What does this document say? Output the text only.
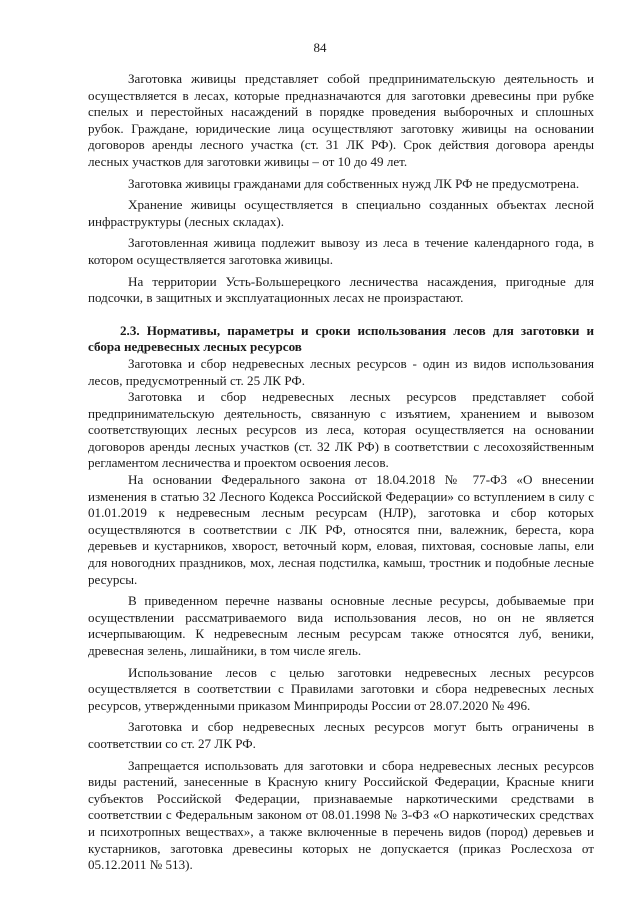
84

Заготовка живицы представляет собой предпринимательскую деятельность и осуществляется в лесах, которые предназначаются для заготовки древесины при рубке спелых и перестойных насаждений в порядке проведения выборочных и сплошных рубок. Граждане, юридические лица осуществляют заготовку живицы на основании договоров аренды лесного участка (ст. 31 ЛК РФ). Срок действия договора аренды лесных участков для заготовки живицы – от 10 до 49 лет.

Заготовка живицы гражданами для собственных нужд ЛК РФ не предусмотрена.

Хранение живицы осуществляется в специально созданных объектах лесной инфраструктуры (лесных складах).

Заготовленная живица подлежит вывозу из леса в течение календарного года, в котором осуществляется заготовка живицы.

На территории Усть-Большерецкого лесничества насаждения, пригодные для подсочки, в защитных и эксплуатационных лесах не произрастают.

2.3. Нормативы, параметры и сроки использования лесов для заготовки и сбора недревесных лесных ресурсов

Заготовка и сбор недревесных лесных ресурсов - один из видов использования лесов, предусмотренный ст. 25 ЛК РФ.

Заготовка и сбор недревесных лесных ресурсов представляет собой предпринимательскую деятельность, связанную с изъятием, хранением и вывозом соответствующих лесных ресурсов из леса, которая осуществляется на основании договоров аренды лесных участков (ст. 32 ЛК РФ) в соответствии с лесохозяйственным регламентом лесничества и проектом освоения лесов.

На основании Федерального закона от 18.04.2018 № 77-ФЗ «О внесении изменения в статью 32 Лесного Кодекса Российской Федерации» со вступлением в силу с 01.01.2019 к недревесным лесным ресурсам (НЛР), заготовка и сбор которых осуществляются в соответствии с ЛК РФ, относятся пни, валежник, береста, кора деревьев и кустарников, хворост, веточный корм, еловая, пихтовая, сосновые лапы, ели для новогодних праздников, мох, лесная подстилка, камыш, тростник и подобные лесные ресурсы.

В приведенном перечне названы основные лесные ресурсы, добываемые при осуществлении рассматриваемого вида использования лесов, но он не является исчерпывающим. К недревесным лесным ресурсам также относятся луб, веники, древесная зелень, лишайники, в том числе ягель.

Использование лесов с целью заготовки недревесных лесных ресурсов осуществляется в соответствии с Правилами заготовки и сбора недревесных лесных ресурсов, утвержденными приказом Минприроды России от 28.07.2020 № 496.

Заготовка и сбор недревесных лесных ресурсов могут быть ограничены в соответствии со ст. 27 ЛК РФ.

Запрещается использовать для заготовки и сбора недревесных лесных ресурсов виды растений, занесенные в Красную книгу Российской Федерации, Красные книги субъектов Российской Федерации, признаваемые наркотическими средствами в соответствии с Федеральным законом от 08.01.1998 № 3-ФЗ «О наркотических средствах и психотропных веществах», а также включенные в перечень видов (пород) деревьев и кустарников, заготовка древесины которых не допускается (приказ Рослесхоза от 05.12.2011 № 513).
